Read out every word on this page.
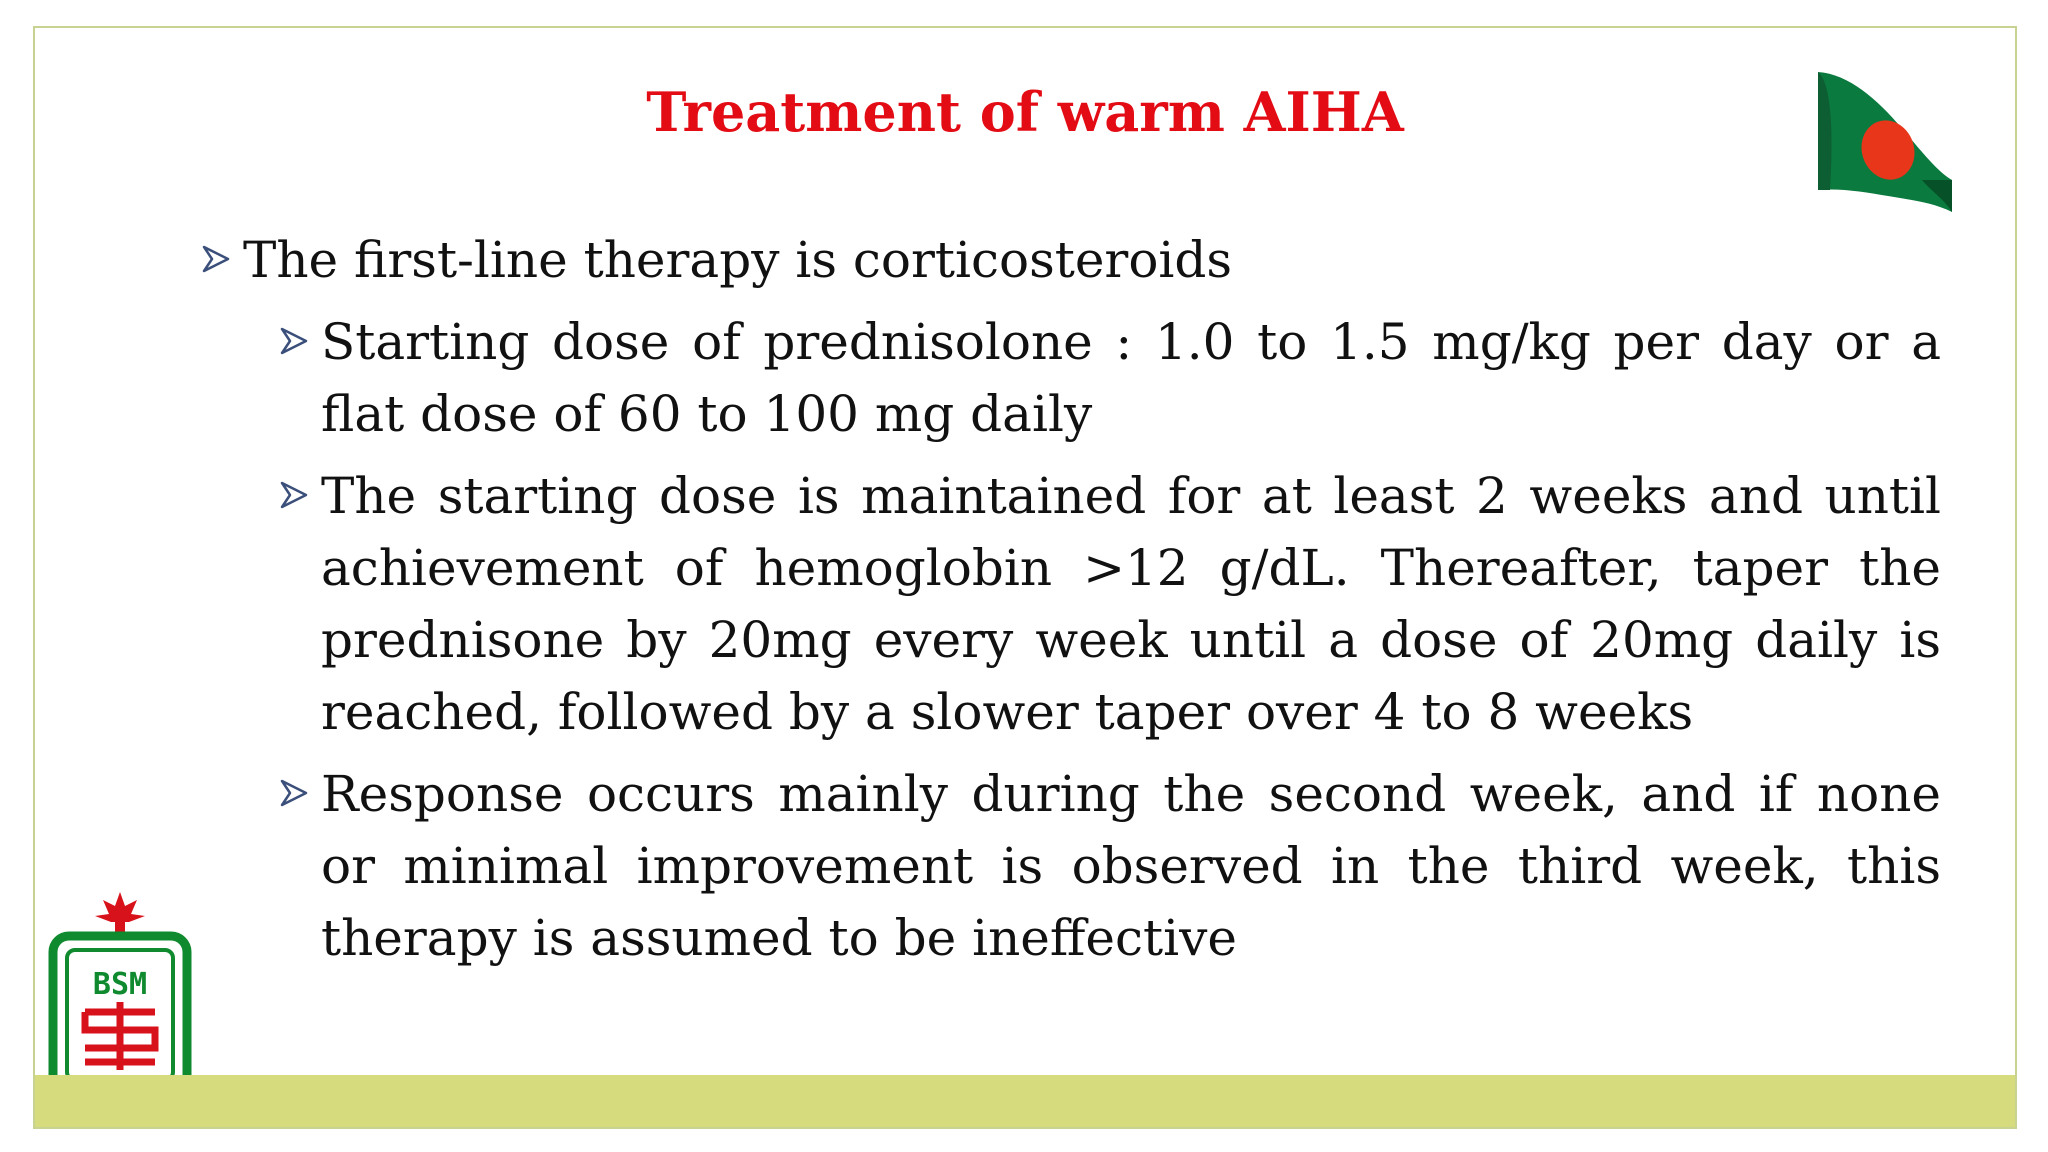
Treatment of warm AIHA
The first-line therapy is corticosteroids
Starting dose of prednisolone : 1.0 to 1.5 mg/kg per day or a flat dose of 60 to 100 mg daily
The starting dose is maintained for at least 2 weeks and until achievement of hemoglobin >12 g/dL. Thereafter, taper the prednisone by 20mg every week until a dose of 20mg daily is reached, followed by a slower taper over 4 to 8 weeks
Response occurs mainly during the second week, and if none or minimal improvement is observed in the third week, this therapy is assumed to be ineffective
BSM
